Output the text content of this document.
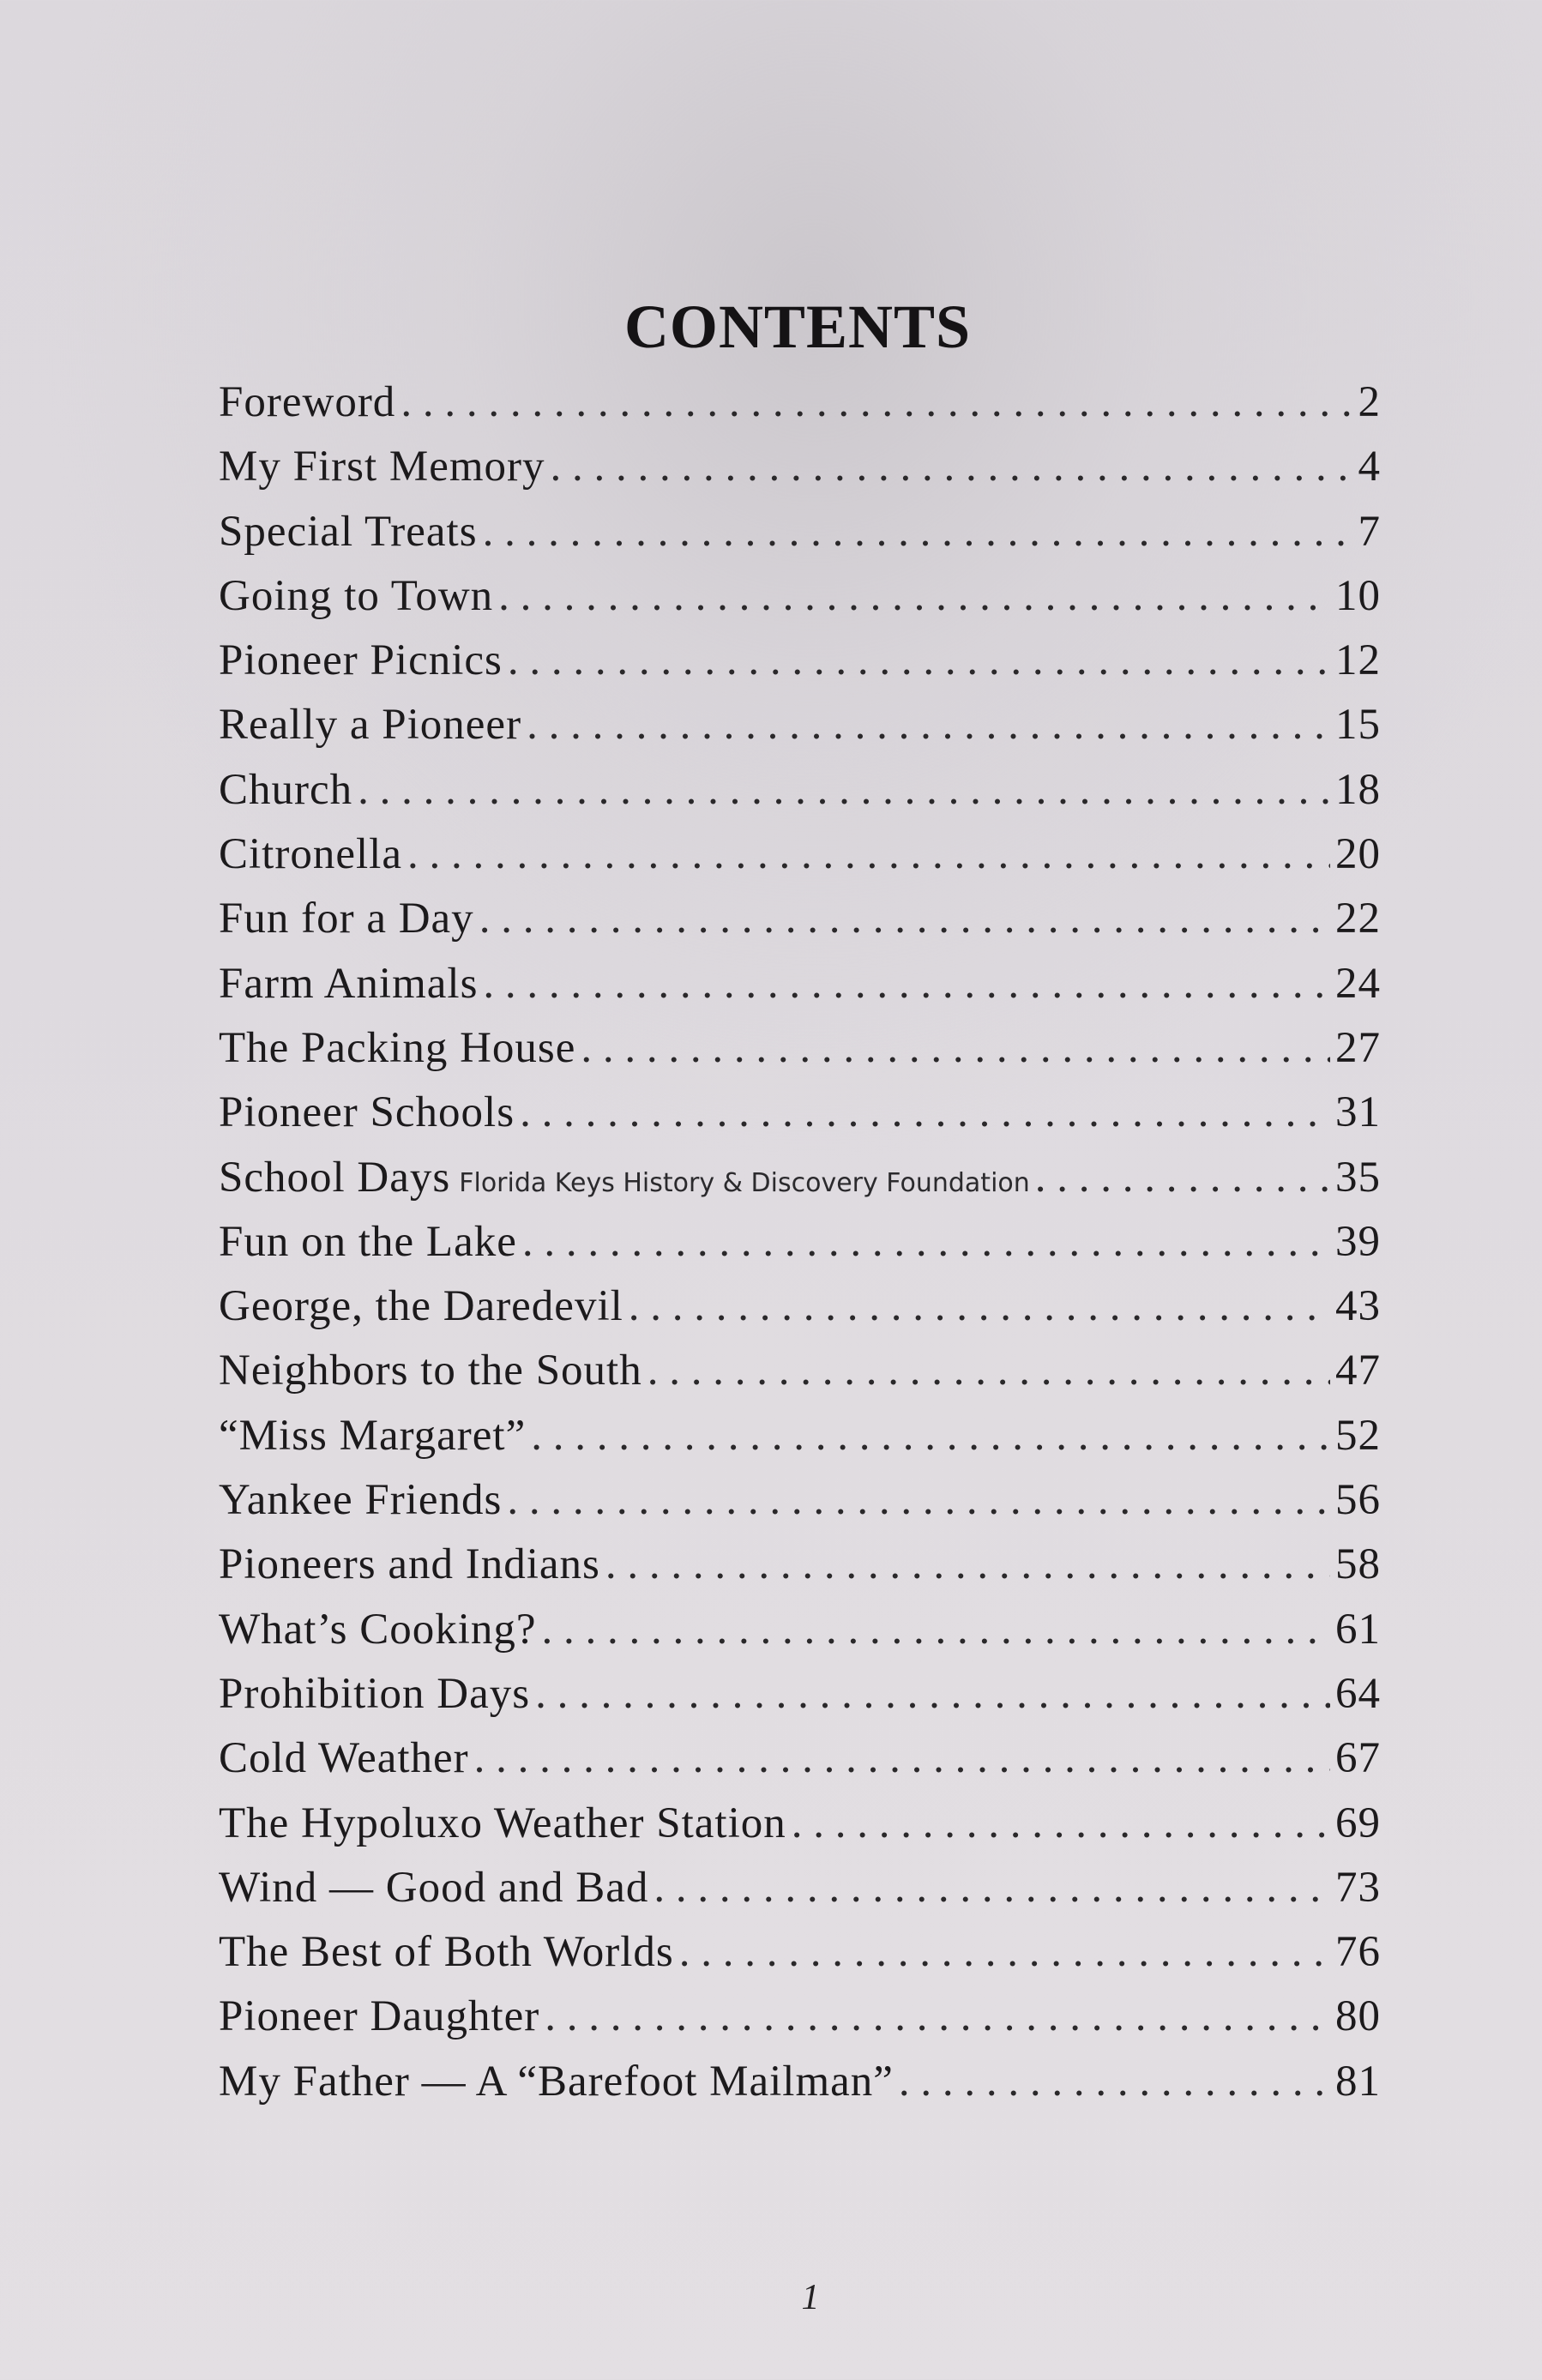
CONTENTS
Foreword . . .	2
My First Memory . . .	4
Special Treats . . .	7
Going to Town . . .	10
Pioneer Picnics . . .	12
Really a Pioneer . . .	15
Church . . .	18
Citronella . . .	20
Fun for a Day . . .	22
Farm Animals . . .	24
The Packing House . . .	27
Pioneer Schools . . .	31
School Days Florida Keys History & Discovery Foundation . . .	35
Fun on the Lake . . .	39
George, the Daredevil . . .	43
Neighbors to the South . . .	47
“Miss Margaret” . . .	52
Yankee Friends . . .	56
Pioneers and Indians . . .	58
What’s Cooking? . . .	61
Prohibition Days . . .	64
Cold Weather . . .	67
The Hypoluxo Weather Station . . .	69
Wind — Good and Bad . . .	73
The Best of Both Worlds . . .	76
Pioneer Daughter . . .	80
My Father — A “Barefoot Mailman” . . .	81
1
